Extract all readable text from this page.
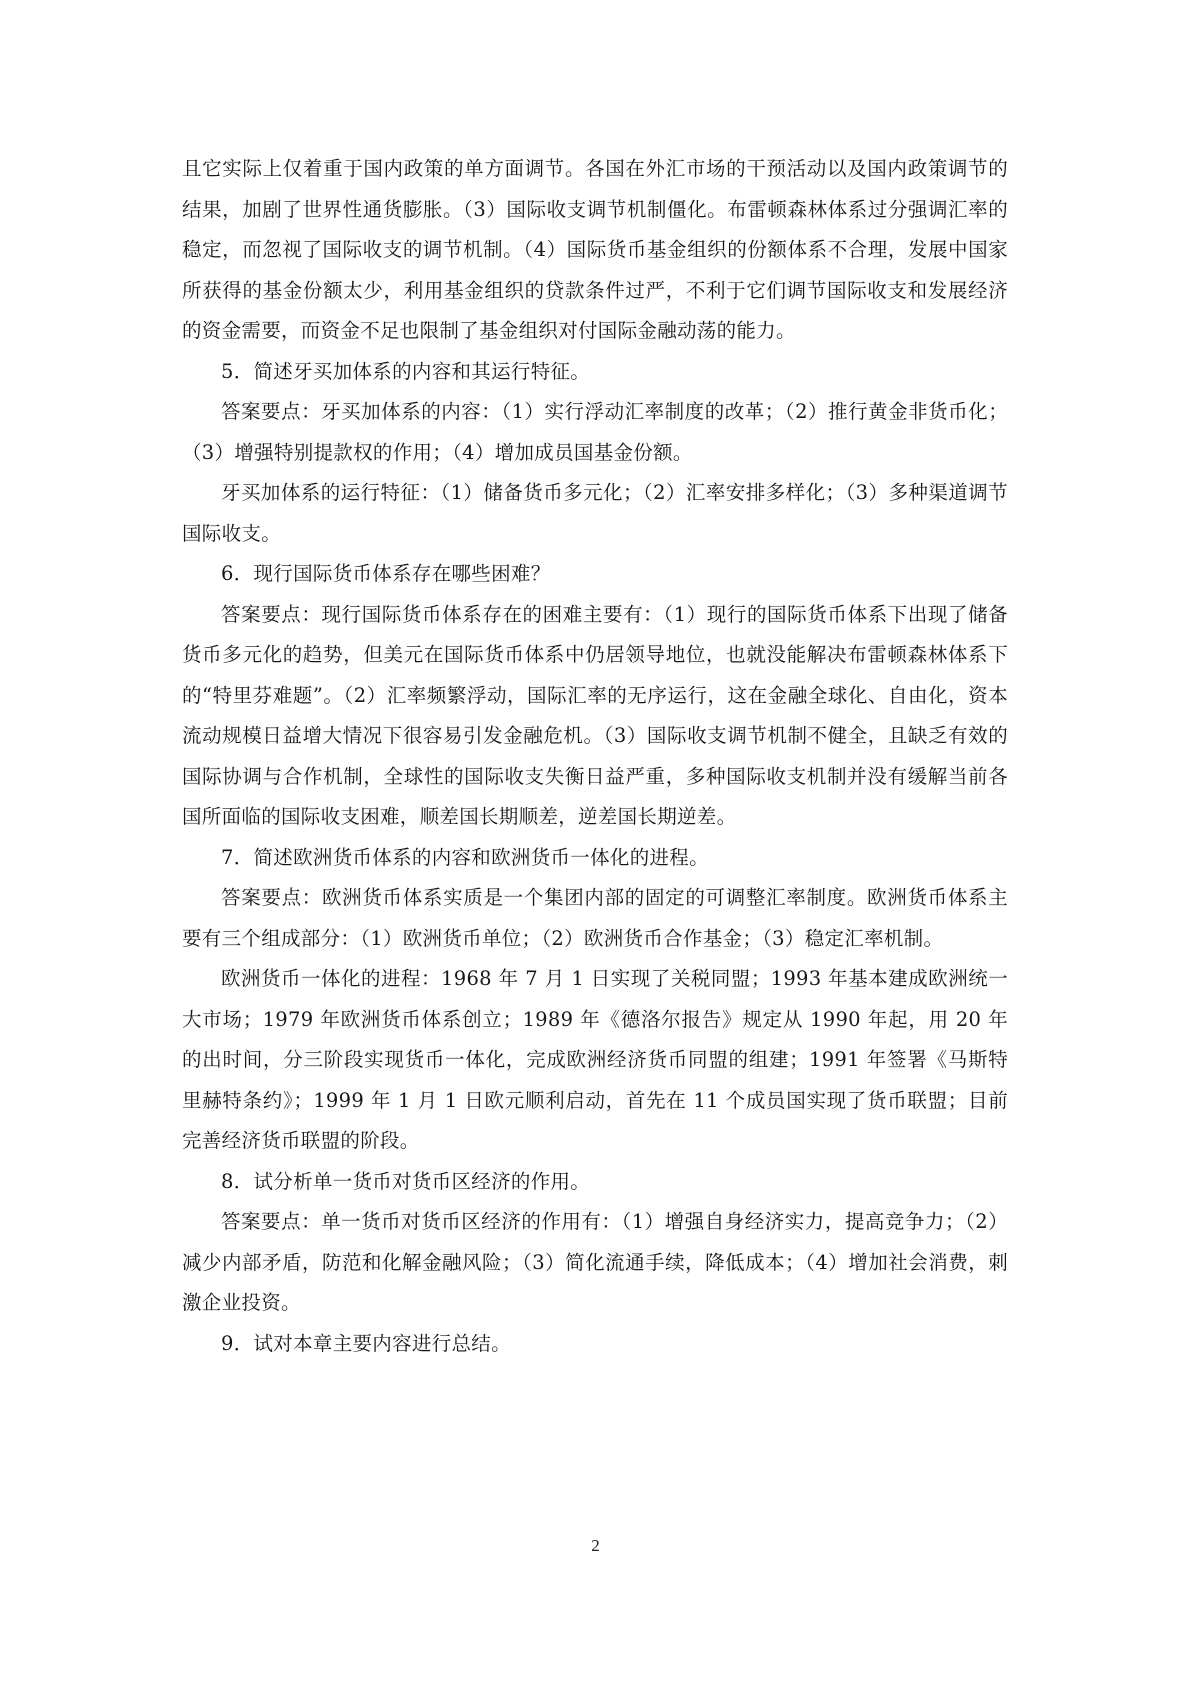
且它实际上仅着重于国内政策的单方面调节。各国在外汇市场的干预活动以及国内政策调节的结果，加剧了世界性通货膨胀。（3）国际收支调节机制僵化。布雷顿森林体系过分强调汇率的稳定，而忽视了国际收支的调节机制。（4）国际货币基金组织的份额体系不合理，发展中国家所获得的基金份额太少，利用基金组织的贷款条件过严，不利于它们调节国际收支和发展经济的资金需要，而资金不足也限制了基金组织对付国际金融动荡的能力。

5．简述牙买加体系的内容和其运行特征。

答案要点：牙买加体系的内容：（1）实行浮动汇率制度的改革；（2）推行黄金非货币化；（3）增强特别提款权的作用；（4）增加成员国基金份额。

牙买加体系的运行特征：（1）储备货币多元化；（2）汇率安排多样化；（3）多种渠道调节国际收支。

6．现行国际货币体系存在哪些困难？

答案要点：现行国际货币体系存在的困难主要有：（1）现行的国际货币体系下出现了储备货币多元化的趋势，但美元在国际货币体系中仍居领导地位，也就没能解决布雷顿森林体系下的“特里芬难题”。（2）汇率频繁浮动，国际汇率的无序运行，这在金融全球化、自由化，资本流动规模日益增大情况下很容易引发金融危机。（3）国际收支调节机制不健全，且缺乏有效的国际协调与合作机制，全球性的国际收支失衡日益严重，多种国际收支机制并没有缓解当前各国所面临的国际收支困难，顺差国长期顺差，逆差国长期逆差。

7．简述欧洲货币体系的内容和欧洲货币一体化的进程。

答案要点：欧洲货币体系实质是一个集团内部的固定的可调整汇率制度。欧洲货币体系主要有三个组成部分：（1）欧洲货币单位；（2）欧洲货币合作基金；（3）稳定汇率机制。

欧洲货币一体化的进程：1968 年 7 月 1 日实现了关税同盟；1993 年基本建成欧洲统一大市场；1979 年欧洲货币体系创立；1989 年《德洛尔报告》规定从 1990 年起，用 20 年的出时间，分三阶段实现货币一体化，完成欧洲经济货币同盟的组建；1991 年签署《马斯特里赫特条约》；1999 年 1 月 1 日欧元顺利启动，首先在 11 个成员国实现了货币联盟；目前完善经济货币联盟的阶段。

8．试分析单一货币对货币区经济的作用。

答案要点：单一货币对货币区经济的作用有：（1）增强自身经济实力，提高竞争力；（2）减少内部矛盾，防范和化解金融风险；（3）简化流通手续，降低成本；（4）增加社会消费，刺激企业投资。

9．试对本章主要内容进行总结。

2
